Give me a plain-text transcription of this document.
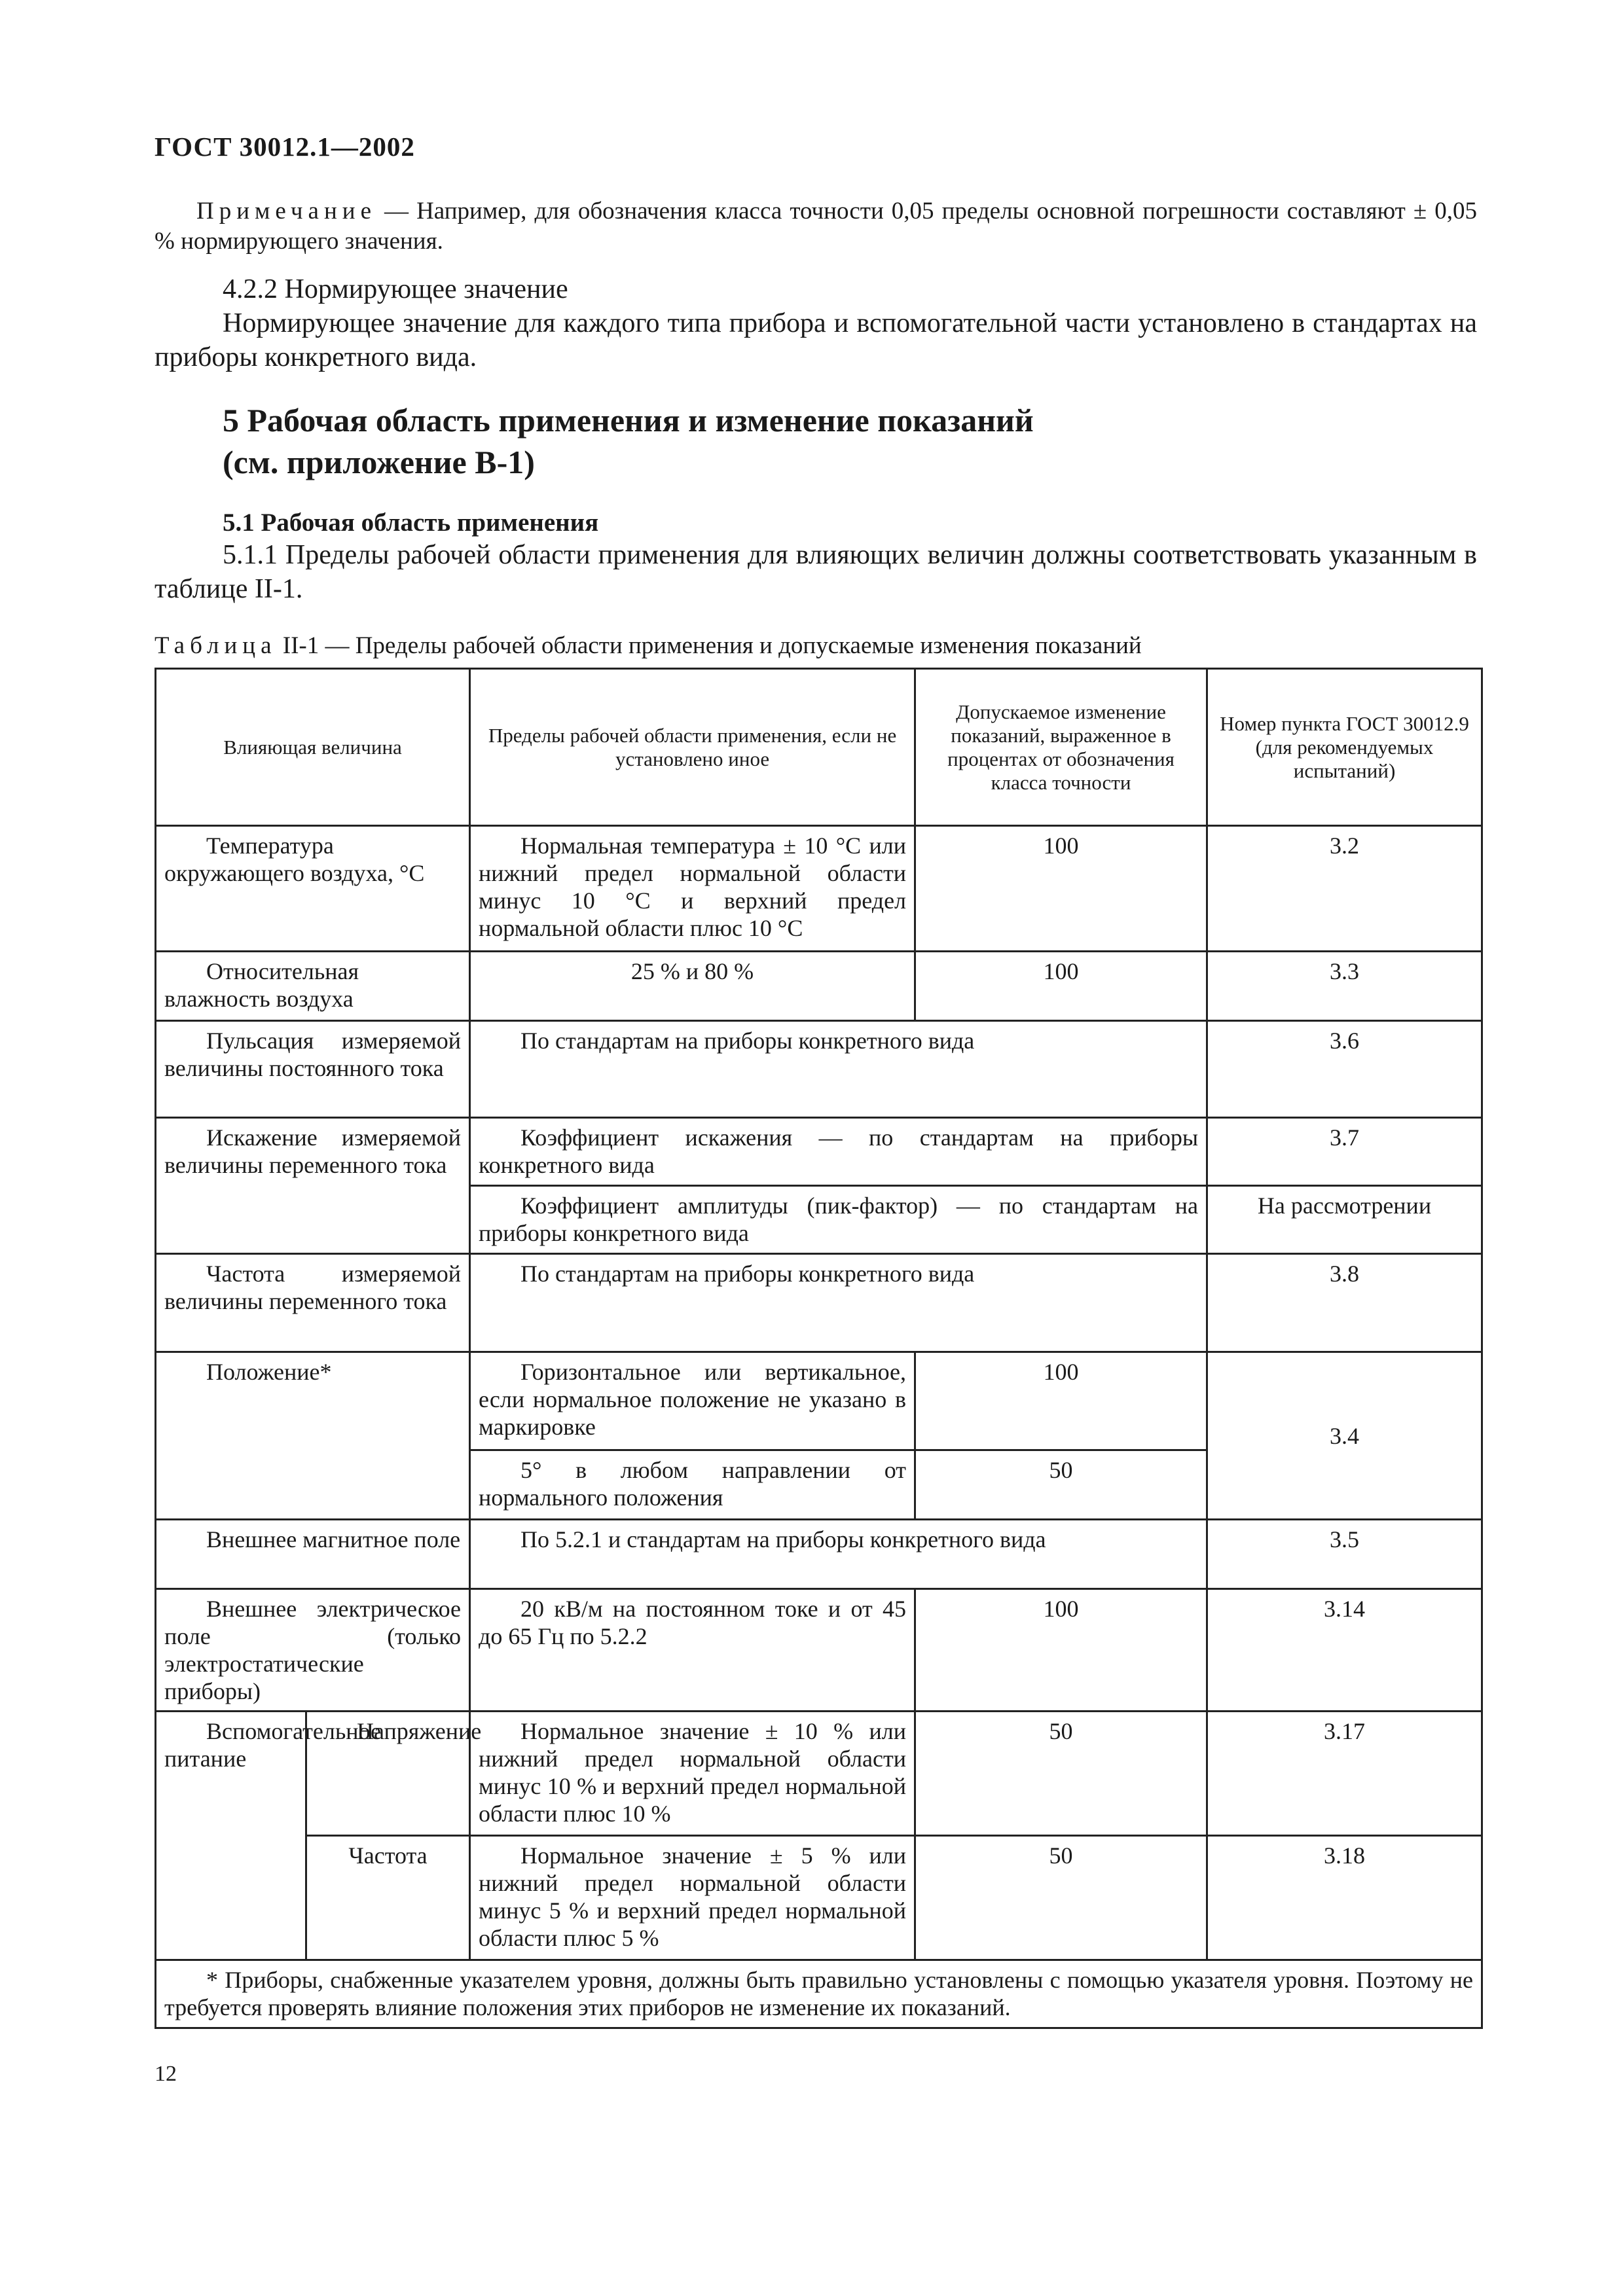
ГОСТ 30012.1—2002
Примечание — Например, для обозначения класса точности 0,05 пределы основной погрешности составляют ± 0,05 % нормирующего значения.
4.2.2 Нормирующее значение
Нормирующее значение для каждого типа прибора и вспомогательной части установлено в стандартах на приборы конкретного вида.
5 Рабочая область применения и изменение показаний
(см. приложение В-1)
5.1 Рабочая область применения
5.1.1 Пределы рабочей области применения для влияющих величин должны соответствовать указанным в таблице II-1.
Таблица II-1 — Пределы рабочей области применения и допускаемые изменения показаний
Влияющая величина		Пределы рабочей области применения, если не установлено иное	Допускаемое изменение показаний, выраженное в процентах от обозначения класса точности	Номер пункта ГОСТ 30012.9 (для рекомендуемых испытаний)
Температура окружающего воздуха, °С		Нормальная температура ± 10 °С или нижний предел нормальной области минус 10 °С и верхний предел нормальной области плюс 10 °С	100	3.2
Относительная влажность воздуха		25 % и 80 %	100	3.3
Пульсация измеряемой величины постоянного тока		По стандартам на приборы конкретного вида		3.6
Искажение измеряемой величины переменного тока		Коэффициент искажения — по стандартам на приборы конкретного вида		3.7
		Коэффициент амплитуды (пик-фактор) — по стандартам на приборы конкретного вида		На рассмотрении
Частота измеряемой величины переменного тока		По стандартам на приборы конкретного вида		3.8
Положение*		Горизонтальное или вертикальное, если нормальное положение не указано в маркировке	100	3.4
		5° в любом направлении от нормального положения	50	
Внешнее магнитное поле		По 5.2.1 и стандартам на приборы конкретного вида		3.5
Внешнее электрическое поле (только электростатические приборы)		20 кВ/м на постоянном токе и от 45 до 65 Гц по 5.2.2	100	3.14
Вспомогательное питание	Напряжение	Нормальное значение ± 10 % или нижний предел нормальной области минус 10 % и верхний предел нормальной области плюс 10 %	50	3.17
	Частота	Нормальное значение ± 5 % или нижний предел нормальной области минус 5 % и верхний предел нормальной области плюс 5 %	50	3.18
* Приборы, снабженные указателем уровня, должны быть правильно установлены с помощью указателя уровня. Поэтому не требуется проверять влияние положения этих приборов не изменение их показаний.				
12
